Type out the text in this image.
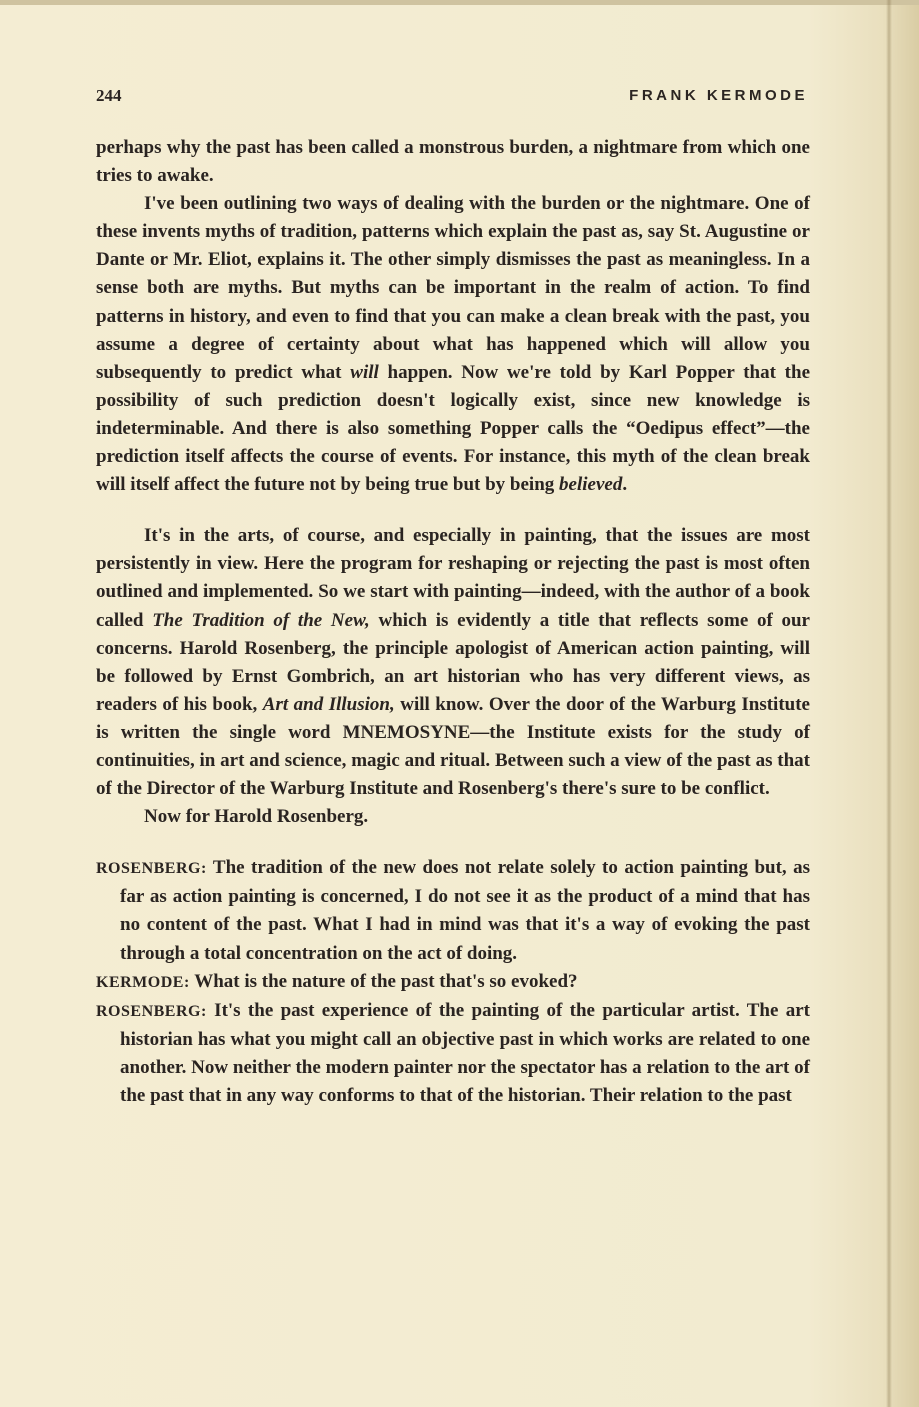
244	FRANK KERMODE

perhaps why the past has been called a monstrous burden, a nightmare from which one tries to awake.

I've been outlining two ways of dealing with the burden or the nightmare. One of these invents myths of tradition, patterns which explain the past as, say St. Augustine or Dante or Mr. Eliot, explains it. The other simply dismisses the past as meaningless. In a sense both are myths. But myths can be important in the realm of action. To find patterns in history, and even to find that you can make a clean break with the past, you assume a degree of certainty about what has happened which will allow you subsequently to predict what will happen. Now we're told by Karl Popper that the possibility of such prediction doesn't logically exist, since new knowledge is indeterminable. And there is also something Popper calls the “Oedipus effect”—the prediction itself affects the course of events. For instance, this myth of the clean break will itself affect the future not by being true but by being believed.

It's in the arts, of course, and especially in painting, that the issues are most persistently in view. Here the program for reshaping or rejecting the past is most often outlined and implemented. So we start with painting—indeed, with the author of a book called The Tradition of the New, which is evidently a title that reflects some of our concerns. Harold Rosenberg, the principle apologist of American action painting, will be followed by Ernst Gombrich, an art historian who has very different views, as readers of his book, Art and Illusion, will know. Over the door of the Warburg Institute is written the single word MNEMOSYNE—the Institute exists for the study of continuities, in art and science, magic and ritual. Between such a view of the past as that of the Director of the Warburg Institute and Rosenberg's there's sure to be conflict.

Now for Harold Rosenberg.

ROSENBERG: The tradition of the new does not relate solely to action painting but, as far as action painting is concerned, I do not see it as the product of a mind that has no content of the past. What I had in mind was that it's a way of evoking the past through a total concentration on the act of doing.

KERMODE: What is the nature of the past that's so evoked?

ROSENBERG: It's the past experience of the painting of the particular artist. The art historian has what you might call an objective past in which works are related to one another. Now neither the modern painter nor the spectator has a relation to the art of the past that in any way conforms to that of the historian. Their relation to the past
